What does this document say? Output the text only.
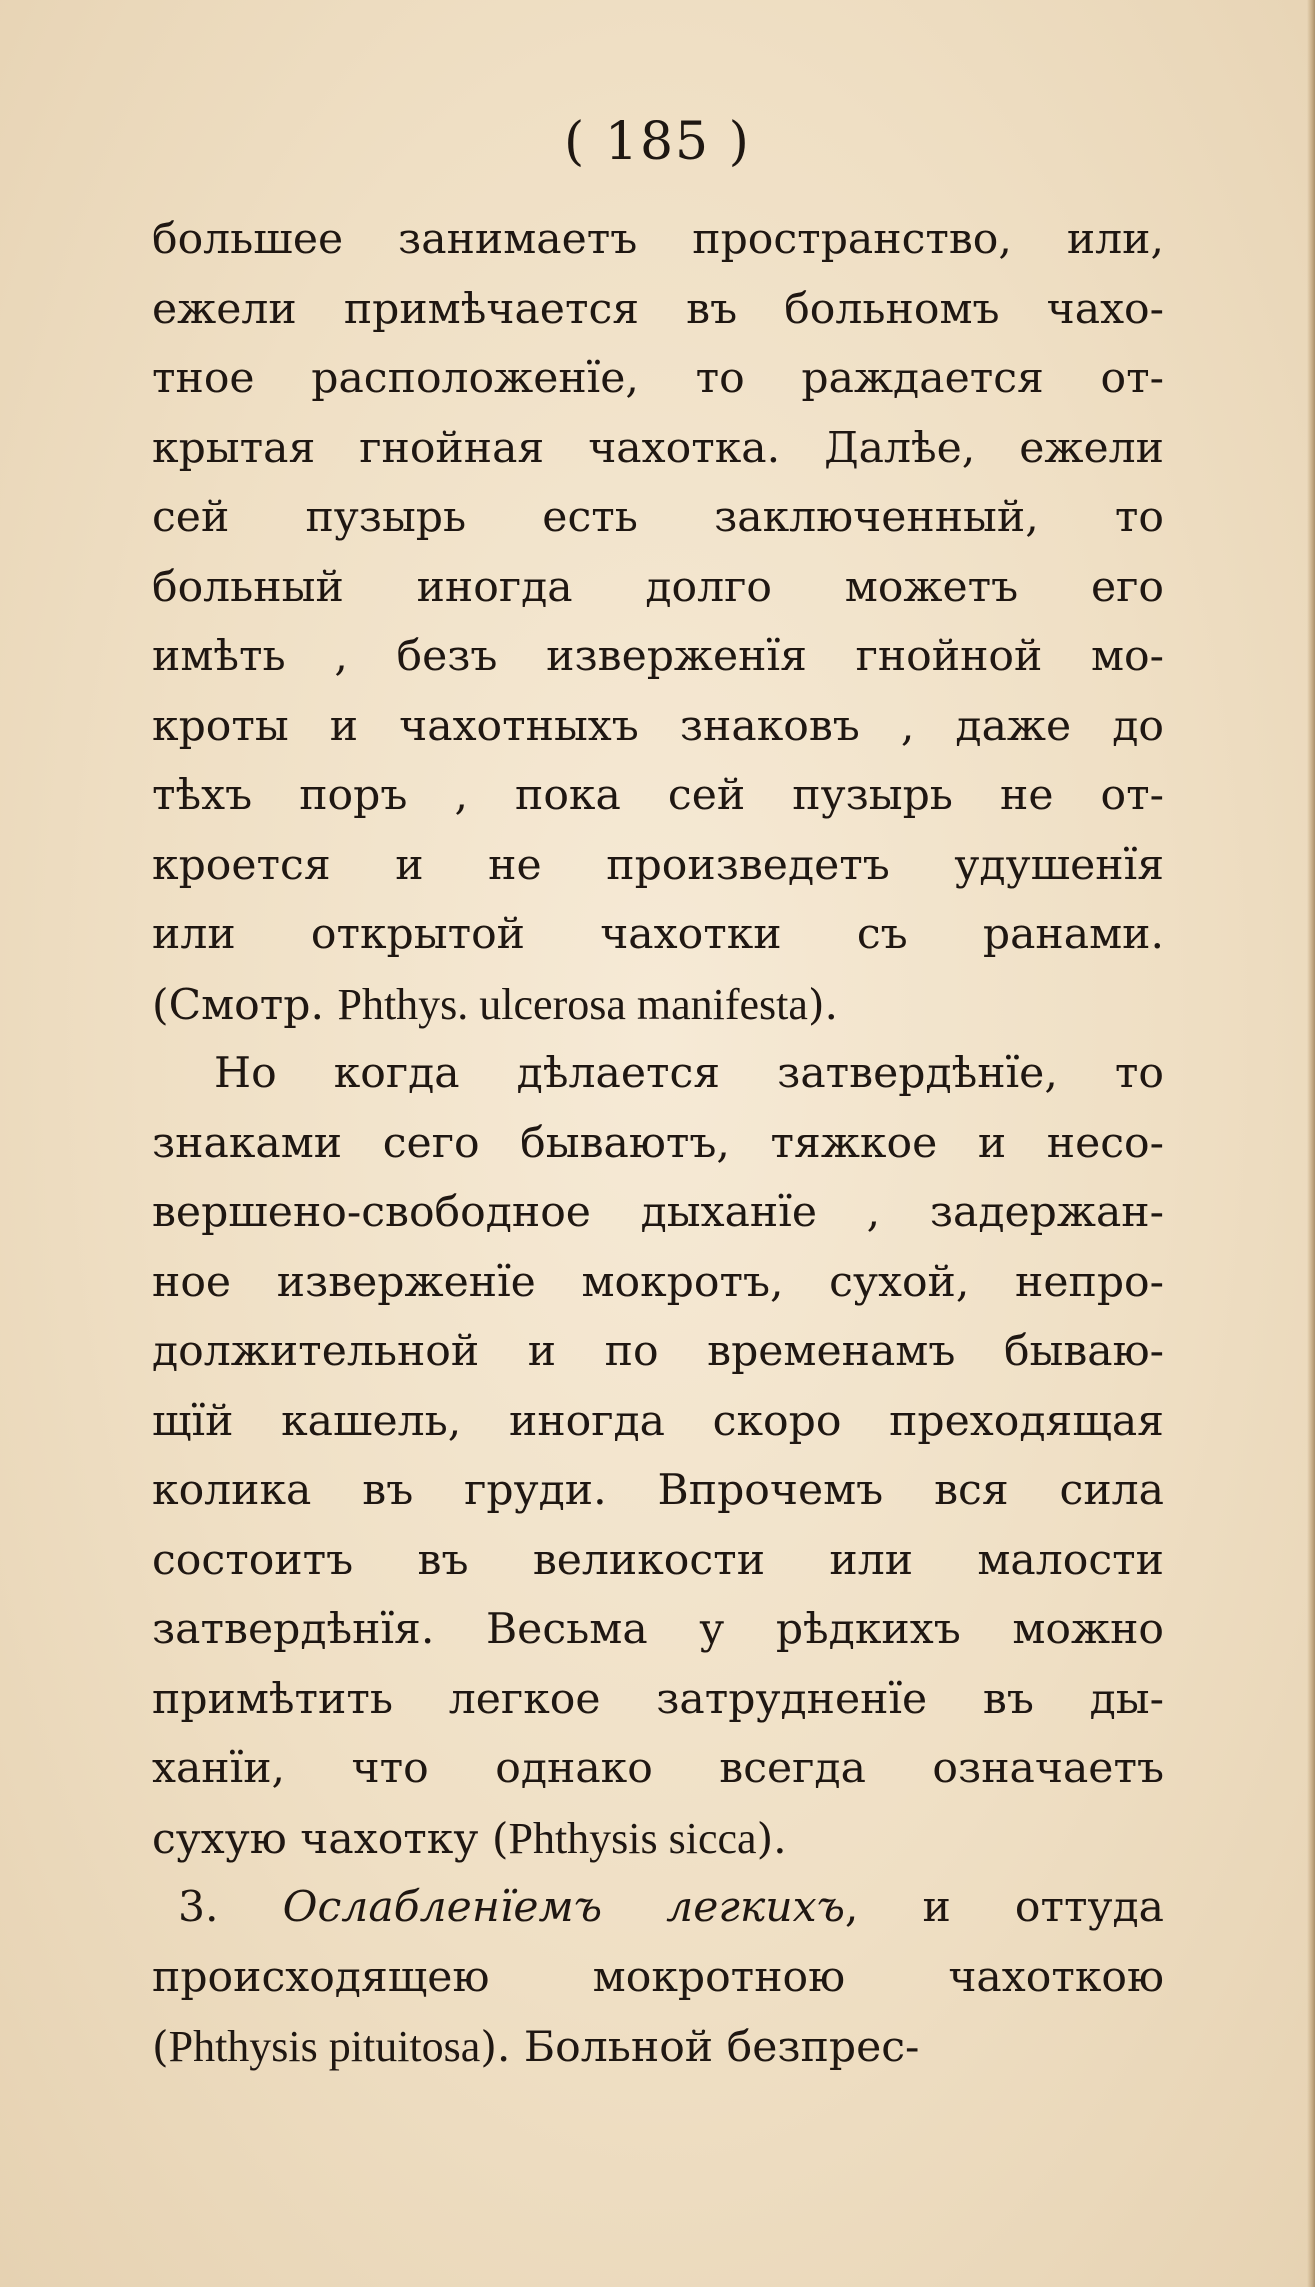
( 185 )
большее занимаетъ пространство, или,
ежели примѣчается въ больномъ чахо-
тное расположенїе, то раждается от-
крытая гнойная чахотка. Далѣе, ежели
сей пузырь есть заключенный, то
больный иногда долго можетъ его
имѣть , безъ изверженїя гнойной мо-
кроты и чахотныхъ знаковъ , даже до
тѣхъ поръ , пока сей пузырь не от-
кроется и не произведетъ удушенїя
или открытой чахотки съ ранами.
(Смотр. Phthys. ulcerosa manifesta).
Но когда дѣлается затвердѣнїе, то
знаками сего бываютъ, тяжкое и несо-
вершено-свободное дыханїе , задержан-
ное изверженїе мокротъ, сухой, непро-
должительной и по временамъ бываю-
щїй кашель, иногда скоро преходящая
колика въ груди. Впрочемъ вся сила
состоитъ въ великости или малости
затвердѣнїя. Весьма у рѣдкихъ можно
примѣтить легкое затрудненїе въ ды-
ханїи, что однако всегда означаетъ
сухую чахотку (Phthysis sicca).
3. Ослабленїемъ легкихъ, и оттуда
происходящею мокротною чахоткою
(Phthysis pituitosa). Больной безпрес-
